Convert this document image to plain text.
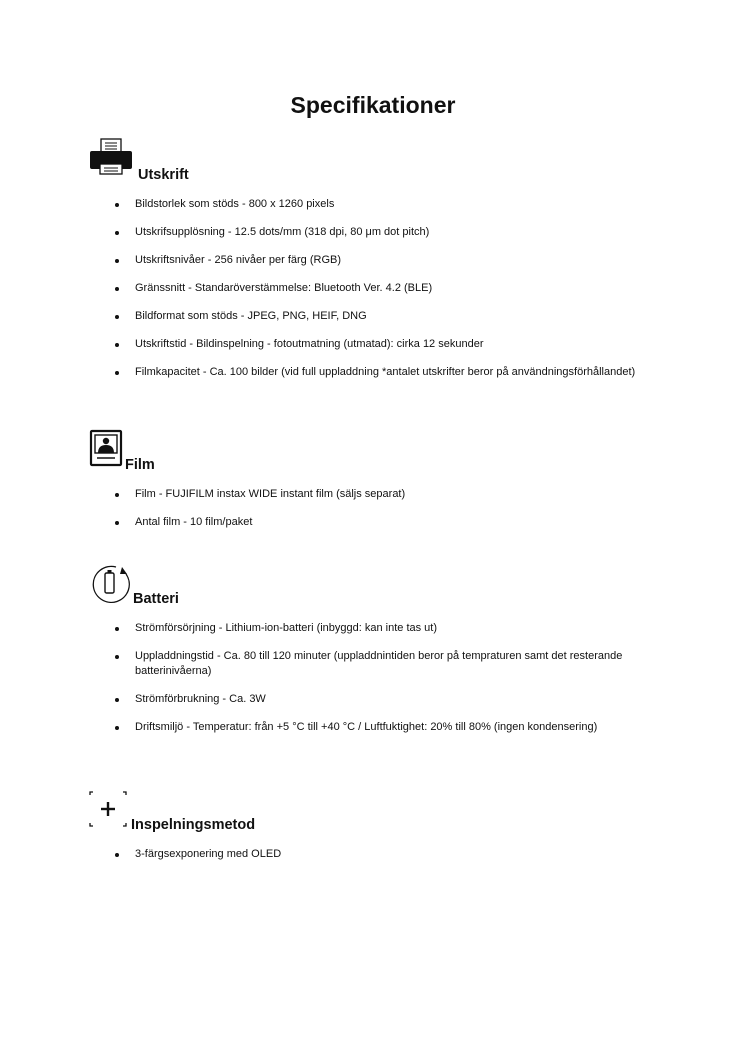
Specifikationer
Utskrift
Bildstorlek som stöds - 800 x 1260 pixels
Utskrifsupplösning - 12.5 dots/mm (318 dpi, 80 μm dot pitch)
Utskriftsnivåer - 256 nivåer per färg (RGB)
Gränssnitt - Standaröverstämmelse: Bluetooth Ver. 4.2 (BLE)
Bildformat som stöds - JPEG, PNG, HEIF, DNG
Utskriftstid - Bildinspelning - fotoutmatning (utmatad): cirka 12 sekunder
Filmkapacitet - Ca. 100 bilder (vid full uppladdning *antalet utskrifter beror på användningsförhållandet)
Film
Film - FUJIFILM instax WIDE instant film (säljs separat)
Antal film - 10 film/paket
Batteri
Strömförsörjning - Lithium-ion-batteri (inbyggd: kan inte tas ut)
Uppladdningstid - Ca. 80 till 120 minuter (uppladdnintiden beror på tempraturen samt det resterande batterinivåerna)
Strömförbrukning - Ca. 3W
Driftsmiljö - Temperatur: från +5 °C till +40 °C / Luftfuktighet: 20% till 80% (ingen kondensering)
Inspelningsmetod
3-färgsexponering med OLED
